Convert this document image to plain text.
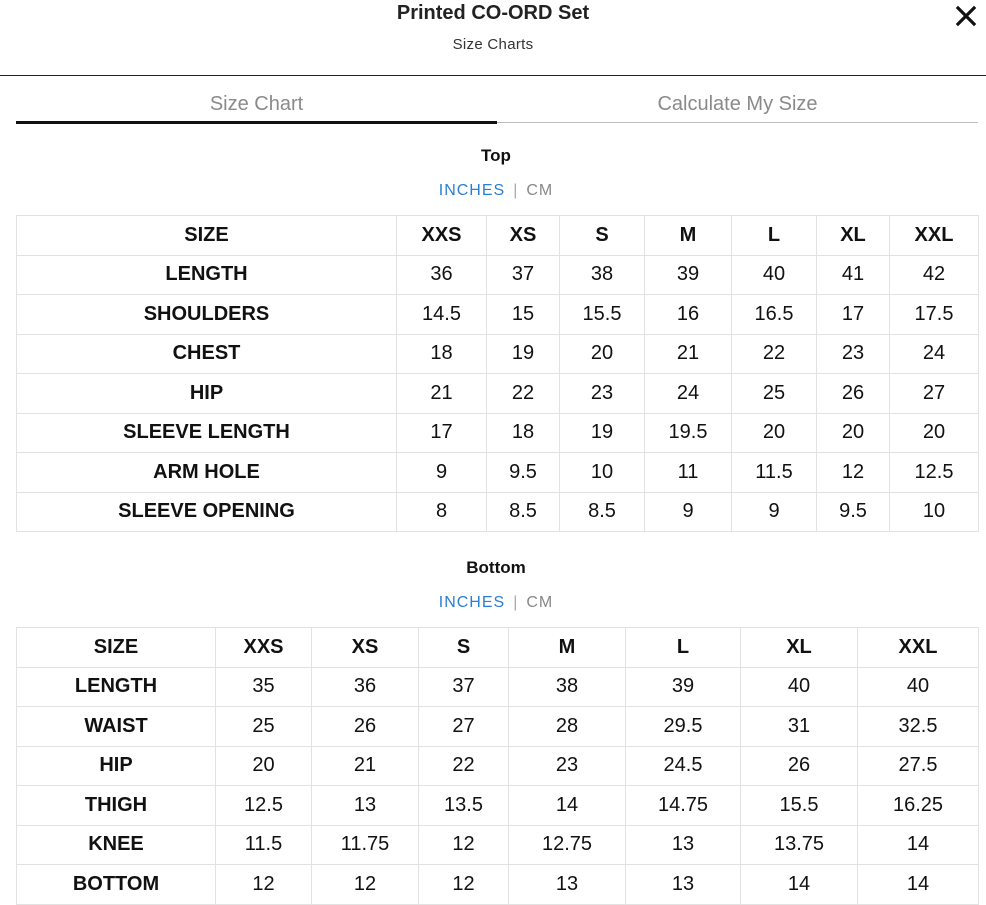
Printed CO-ORD Set
Size Charts
Size Chart	Calculate My Size
Top
INCHES | CM
SIZE	XXS	XS	S	M	L	XL	XXL
LENGTH	36	37	38	39	40	41	42
SHOULDERS	14.5	15	15.5	16	16.5	17	17.5
CHEST	18	19	20	21	22	23	24
HIP	21	22	23	24	25	26	27
SLEEVE LENGTH	17	18	19	19.5	20	20	20
ARM HOLE	9	9.5	10	11	11.5	12	12.5
SLEEVE OPENING	8	8.5	8.5	9	9	9.5	10
Bottom
INCHES | CM
SIZE	XXS	XS	S	M	L	XL	XXL
LENGTH	35	36	37	38	39	40	40
WAIST	25	26	27	28	29.5	31	32.5
HIP	20	21	22	23	24.5	26	27.5
THIGH	12.5	13	13.5	14	14.75	15.5	16.25
KNEE	11.5	11.75	12	12.75	13	13.75	14
BOTTOM	12	12	12	13	13	14	14
